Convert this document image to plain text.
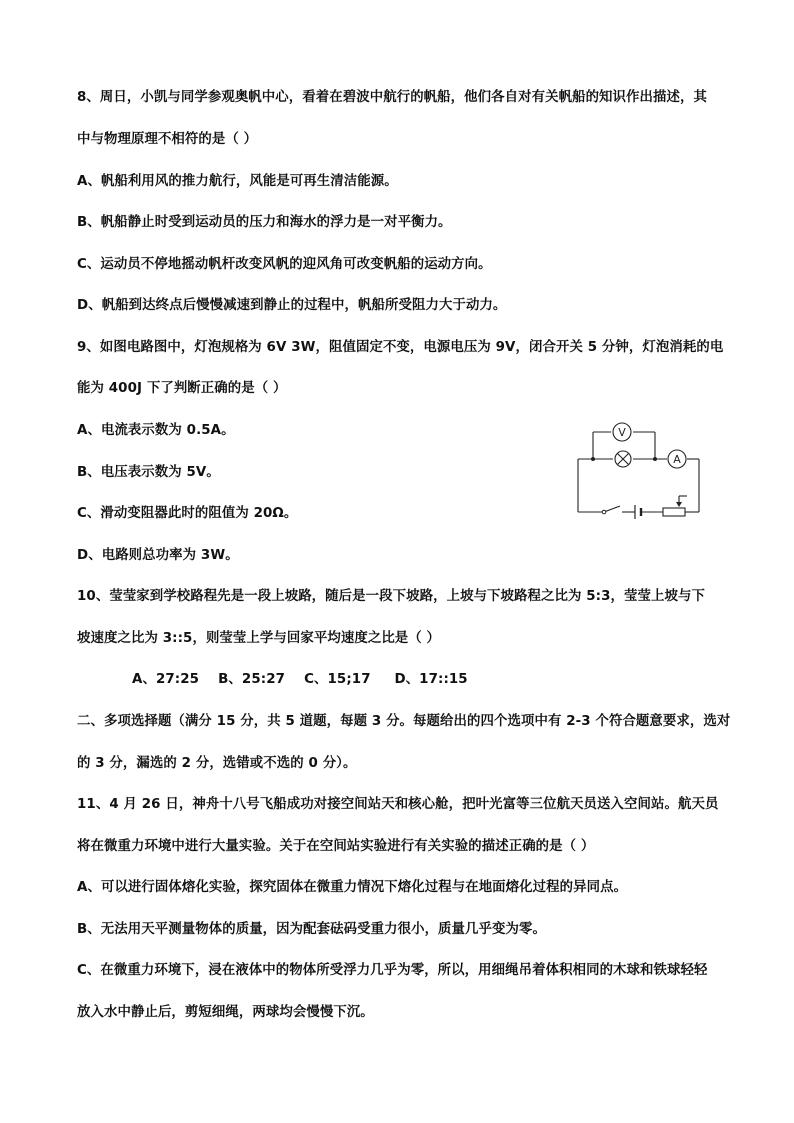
8、周日，小凯与同学参观奥帆中心，看着在碧波中航行的帆船，他们各自对有关帆船的知识作出描述，其
中与物理原理不相符的是（ ）
A、帆船利用风的推力航行，风能是可再生清洁能源。
B、帆船静止时受到运动员的压力和海水的浮力是一对平衡力。
C、运动员不停地摇动帆杆改变风帆的迎风角可改变帆船的运动方向。
D、帆船到达终点后慢慢减速到静止的过程中，帆船所受阻力大于动力。
9、如图电路图中，灯泡规格为 6V 3W，阻值固定不变，电源电压为 9V，闭合开关 5 分钟，灯泡消耗的电
能为 400J 下了判断正确的是（ ）
A、电流表示数为 0.5A。
B、电压表示数为 5V。
C、滑动变阻器此时的阻值为 20Ω。
D、电路则总功率为 3W。
V
A
10、莹莹家到学校路程先是一段上坡路，随后是一段下坡路，上坡与下坡路程之比为 5:3，莹莹上坡与下
坡速度之比为 3::5，则莹莹上学与回家平均速度之比是（ ）
A、27:25    B、25:27    C、15;17     D、17::15
二、多项选择题（满分 15 分，共 5 道题，每题 3 分。每题给出的四个选项中有 2-3 个符合题意要求，选对
的 3 分，漏选的 2 分，选错或不选的 0 分）。
11、4 月 26 日，神舟十八号飞船成功对接空间站天和核心舱，把叶光富等三位航天员送入空间站。航天员
将在微重力环境中进行大量实验。关于在空间站实验进行有关实验的描述正确的是（ ）
A、可以进行固体熔化实验，探究固体在微重力情况下熔化过程与在地面熔化过程的异同点。
B、无法用天平测量物体的质量，因为配套砝码受重力很小，质量几乎变为零。
C、在微重力环境下，浸在液体中的物体所受浮力几乎为零，所以，用细绳吊着体积相同的木球和铁球轻轻
放入水中静止后，剪短细绳，两球均会慢慢下沉。
